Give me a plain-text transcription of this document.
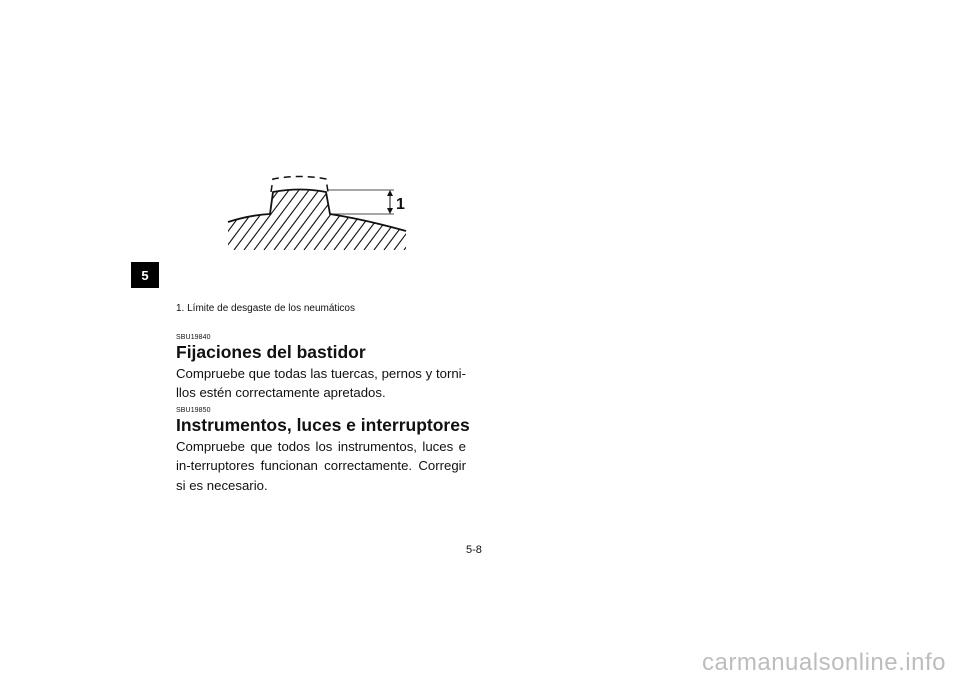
5
1
1. Límite de desgaste de los neumáticos
SBU19840
Fijaciones del bastidor

Compruebe que todas las tuercas, pernos y torni-llos estén correctamente apretados.

SBU19850
Instrumentos, luces e interruptores

Compruebe que todos los instrumentos, luces e in-terruptores funcionan correctamente. Corregir si es necesario.

5-8
carmanualsonline.info
